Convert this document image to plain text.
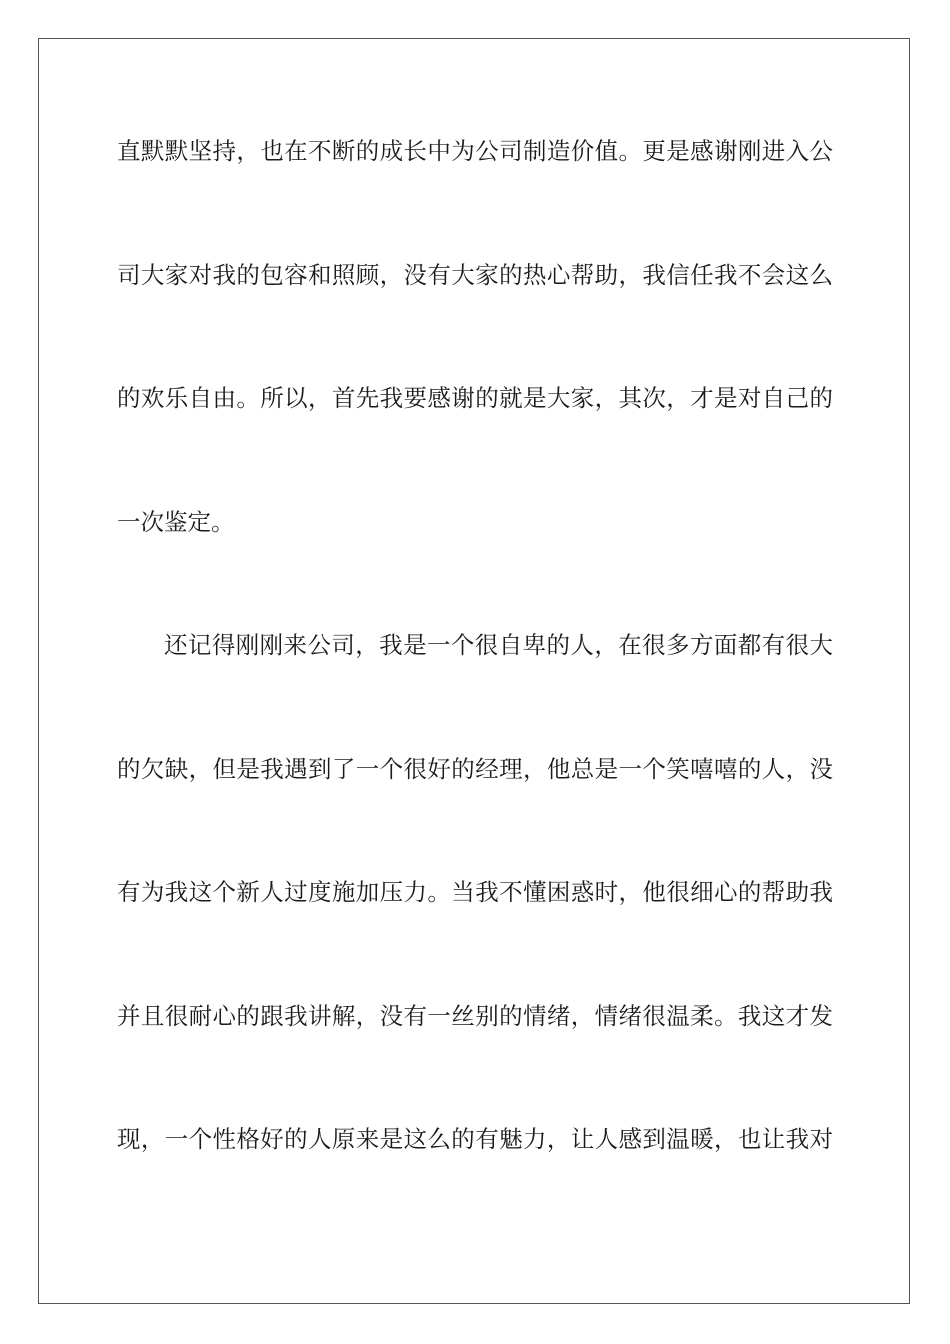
直默默坚持，也在不断的成长中为公司制造价值。更是感谢刚进入公
司大家对我的包容和照顾，没有大家的热心帮助，我信任我不会这么
的欢乐自由。所以，首先我要感谢的就是大家，其次，才是对自己的
一次鉴定。
还记得刚刚来公司，我是一个很自卑的人，在很多方面都有很大
的欠缺，但是我遇到了一个很好的经理，他总是一个笑嘻嘻的人，没
有为我这个新人过度施加压力。当我不懂困惑时，他很细心的帮助我
并且很耐心的跟我讲解，没有一丝别的情绪，情绪很温柔。我这才发
现，一个性格好的人原来是这么的有魅力，让人感到温暖，也让我对
